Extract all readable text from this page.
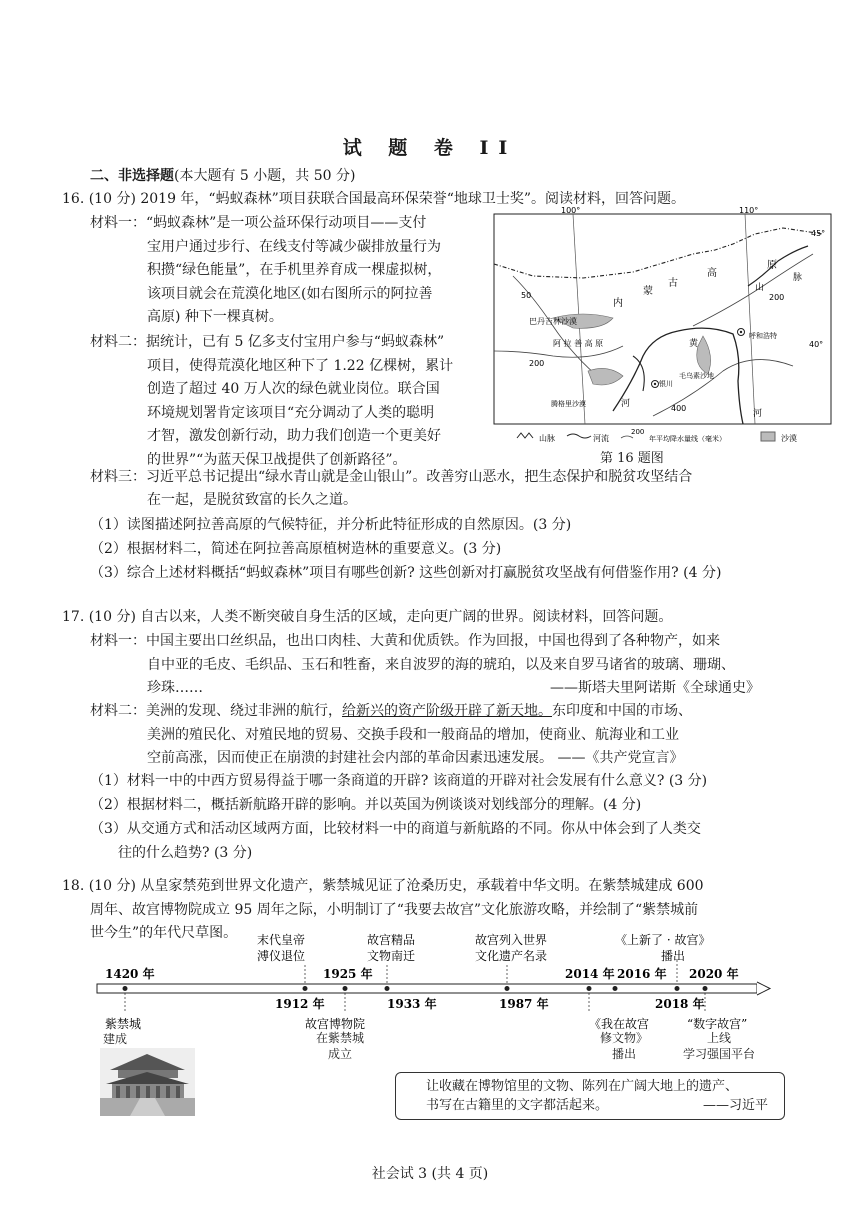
试 题 卷 II
二、非选择题(本大题有 5 小题，共 50 分)
16. (10 分) 2019 年，“蚂蚁森林”项目获联合国最高环保荣誉“地球卫士奖”。阅读材料，回答问题。
材料一：“蚂蚁森林”是一项公益环保行动项目——支付
宝用户通过步行、在线支付等减少碳排放量行为
积攒“绿色能量”，在手机里养育成一棵虚拟树，
该项目就会在荒漠化地区(如右图所示的阿拉善
高原) 种下一棵真树。
材料二：据统计，已有 5 亿多支付宝用户参与“蚂蚁森林”
项目，使得荒漠化地区种下了 1.22 亿棵树，累计
创造了超过 40 万人次的绿色就业岗位。联合国
环境规划署肯定该项目“充分调动了人类的聪明
才智，激发创新行动，助力我们创造一个更美好
的世界”“为蓝天保卫战提供了创新路径”。
100°	110°
45°
40°
50
200
200
400
内
蒙
古
高
原
巴丹吉林沙漠
阿 拉 善 高 原
腾格里沙漠
银川
呼和浩特
毛乌素沙地
黄
河
河
山
脉
山脉	河流
200
年平均降水量线（毫米）	沙漠
第 16 题图
材料三：习近平总书记提出“绿水青山就是金山银山”。改善穷山恶水，把生态保护和脱贫攻坚结合
在一起，是脱贫致富的长久之道。
（1）读图描述阿拉善高原的气候特征，并分析此特征形成的自然原因。(3 分)
（2）根据材料二，简述在阿拉善高原植树造林的重要意义。(3 分)
（3）综合上述材料概括“蚂蚁森林”项目有哪些创新? 这些创新对打赢脱贫攻坚战有何借鉴作用? (4 分)
17. (10 分) 自古以来，人类不断突破自身生活的区域，走向更广阔的世界。阅读材料，回答问题。
材料一：中国主要出口丝织品，也出口肉桂、大黄和优质铁。作为回报，中国也得到了各种物产，如来
自中亚的毛皮、毛织品、玉石和牲畜，来自波罗的海的琥珀，以及来自罗马诸省的玻璃、珊瑚、
珍珠……	——斯塔夫里阿诺斯《全球通史》
材料二：美洲的发现、绕过非洲的航行，给新兴的资产阶级开辟了新天地。东印度和中国的市场、
美洲的殖民化、对殖民地的贸易、交换手段和一般商品的增加，使商业、航海业和工业
空前高涨，因而使正在崩溃的封建社会内部的革命因素迅速发展。 ——《共产党宣言》
（1）材料一中的中西方贸易得益于哪一条商道的开辟? 该商道的开辟对社会发展有什么意义? (3 分)
（2）根据材料二，概括新航路开辟的影响。并以英国为例谈谈对划线部分的理解。(4 分)
（3）从交通方式和活动区域两方面，比较材料一中的商道与新航路的不同。你从中体会到了人类交
往的什么趋势? (3 分)
18. (10 分) 从皇家禁苑到世界文化遗产，紫禁城见证了沧桑历史，承载着中华文明。在紫禁城建成 600
周年、故宫博物院成立 95 周年之际，小明制订了“我要去故宫”文化旅游攻略，并绘制了“紫禁城前
世今生”的年代尺草图。
1420 年
1912 年
1925 年
1933 年	1987 年
2014 年 2016 年
2018 年
2020 年
末代皇帝
溥仪退位
故宫精品
文物南迁
故宫列入世界
文化遗产名录
《上新了 · 故宫》
播出
紫禁城	故宫博物院	《我在故宫	“数字故宫”
建成	在紫禁城
成立
修文物》
播出
上线
学习强国平台
让收藏在博物馆里的文物、陈列在广阔大地上的遗产、
书写在古籍里的文字都活起来。	——习近平
社会试 3 (共 4 页)
